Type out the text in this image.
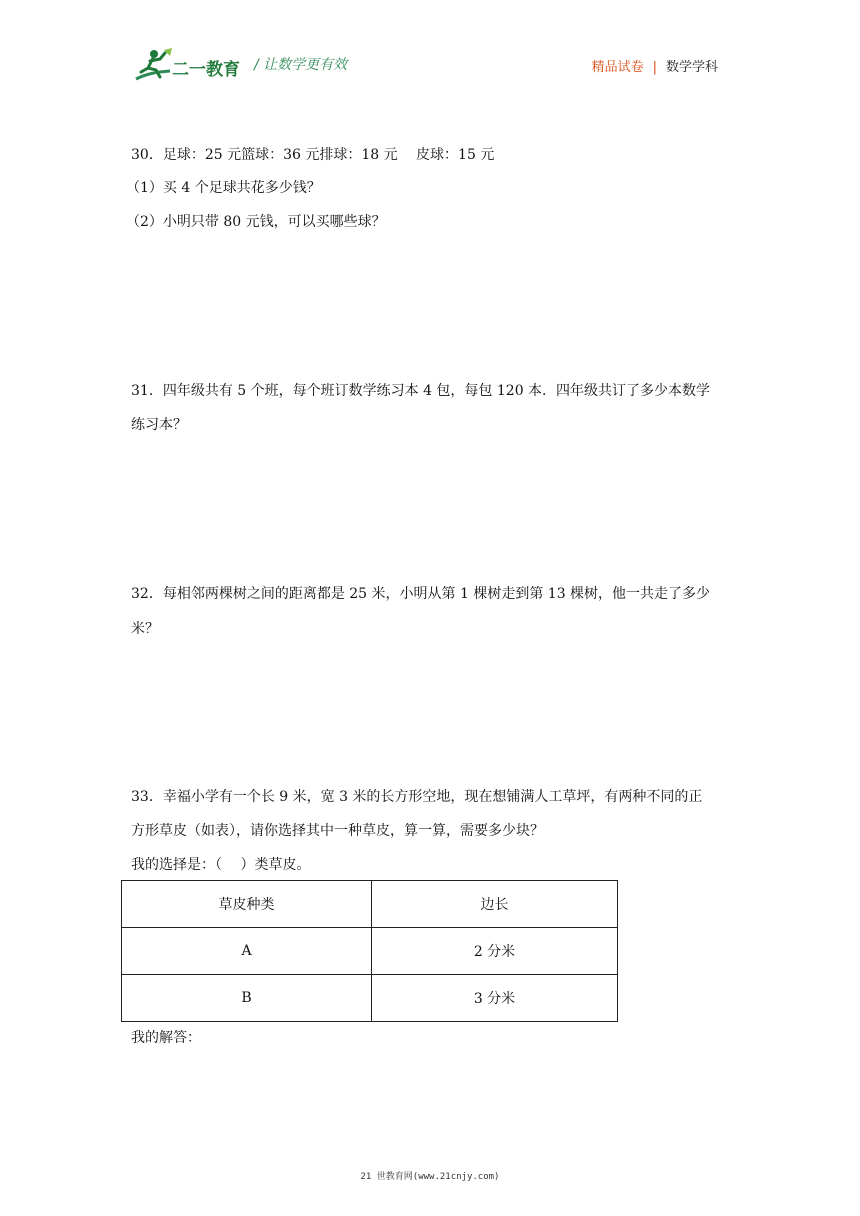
二一教育 / 让数学更有效	精品试卷 | 数学学科
30．足球：25 元篮球：36 元排球：18 元　 皮球：15 元
（1）买 4 个足球共花多少钱？
（2）小明只带 80 元钱，可以买哪些球？
31．四年级共有 5 个班，每个班订数学练习本 4 包，每包 120 本．四年级共订了多少本数学
练习本？
32．每相邻两棵树之间的距离都是 25 米，小明从第 1 棵树走到第 13 棵树，他一共走了多少
米？
33．幸福小学有一个长 9 米，宽 3 米的长方形空地，现在想铺满人工草坪，有两种不同的正
方形草皮（如表），请你选择其中一种草皮，算一算，需要多少块？
我的选择是：（　 ）类草皮。
草皮种类	边长
A	2 分米
B	3 分米
我的解答：
21 世教育网(www.21cnjy.com)
